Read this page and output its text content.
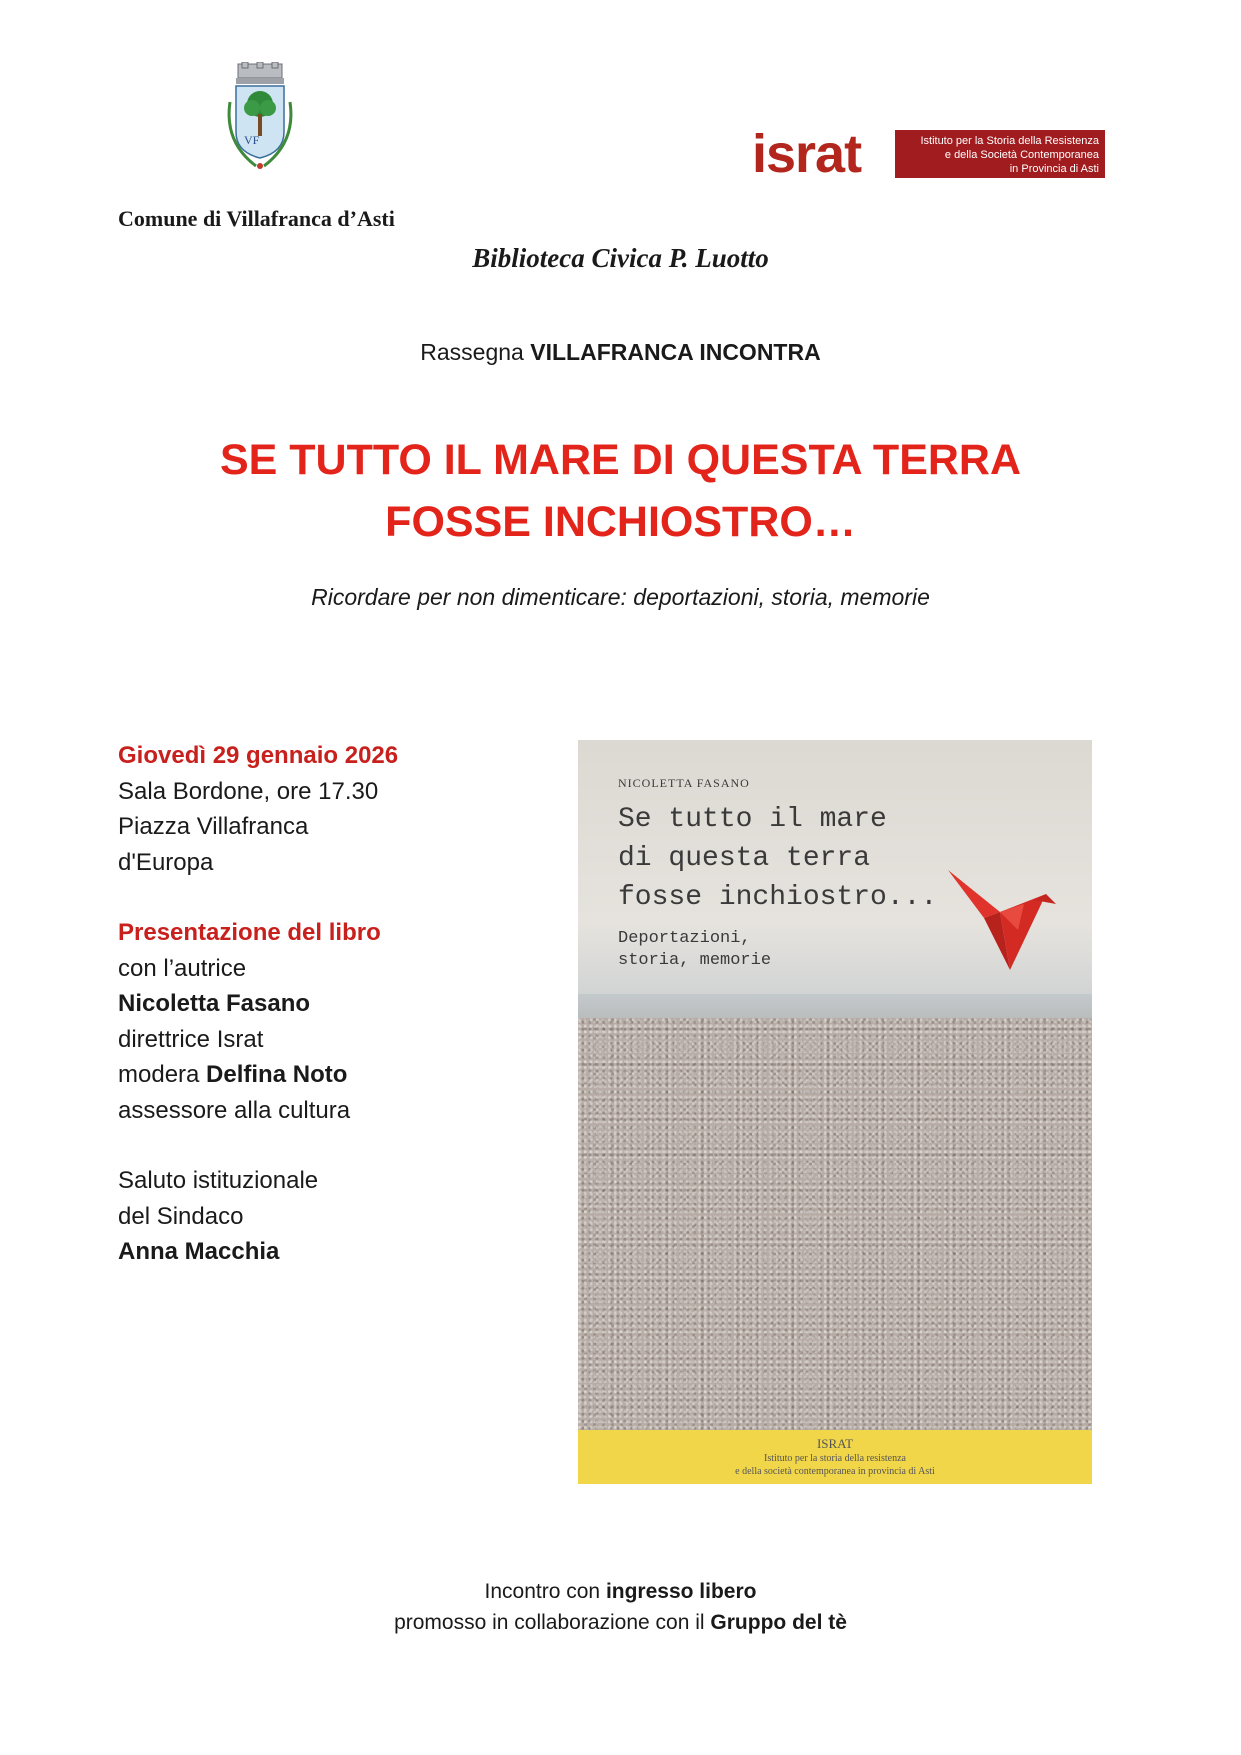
VF	israt	Istituto per la Storia della Resistenza
e della Società Contemporanea
in Provincia di Asti
Comune di Villafranca d’Asti
Biblioteca Civica P. Luotto
Rassegna VILLAFRANCA INCONTRA
SE TUTTO IL MARE DI QUESTA TERRA
FOSSE INCHIOSTRO…
Ricordare per non dimenticare: deportazioni, storia, memorie
Giovedì 29 gennaio 2026
Sala Bordone, ore 17.30
Piazza Villafranca
d'Europa
Presentazione del libro
con l’autrice
Nicoletta Fasano
direttrice Israt
modera Delfina Noto
assessore alla cultura
Saluto istituzionale
del Sindaco
Anna Macchia
NICOLETTA FASANO
Se tutto il mare
di questa terra
fosse inchiostro...
Deportazioni,
storia, memorie
ISRAT
Istituto per la storia della resistenza
e della società contemporanea in provincia di Asti
Incontro con ingresso libero
promosso in collaborazione con il Gruppo del tè
